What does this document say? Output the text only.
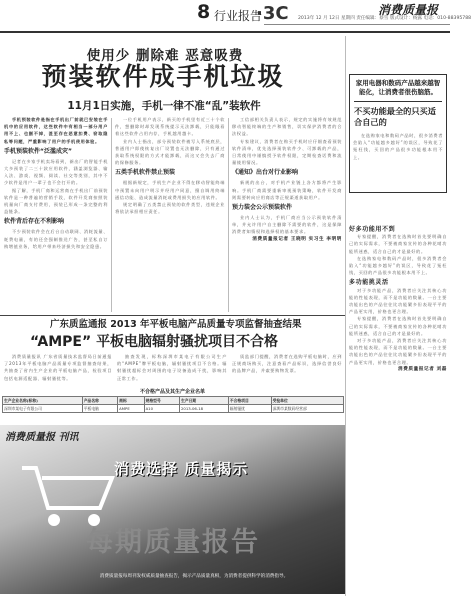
8 行业报告
·3C	消费质量报
2013年 12 月 12日 星期四 责任编辑：蔡雪 版式设计：杨露 电话：010-88395788
使用少 删除难 恶意吸费
预装软件成手机垃圾
11月1日实施，手机一律不准“乱”装软件

手机预装软件是指在手机出厂前就已安装在手机中的应用软件，这些软件中有相当一部分用户用不上、也删不掉，甚至存在恶意扣费、窃取隐私等问题，严重影响了用户的手机使用体验。

手机预装软件“泛滥成灾”

记者在多家手机卖场看到，新出厂的智能手机大多预装了二三十款应用软件，涵盖浏览器、输入法、游戏、视频、阅读、社交等类别，其中不少软件是用户一辈子也不会打开的。

据了解，手机厂商和运营商在手机出厂前预装软件是一种普遍的营销手段，软件开发商按照装机量向厂商支付费用，预装已形成一条完整的利益链条。

软件背后存在不利影响

不少预装软件会在后台自动联网、消耗流量、耗费电量，有的还会强制推送广告，甚至私自订购增值业务，给用户带来经济损失和安全隐患。

一位手机用户表示，新买的手机里有近三十个软件，想删除时却发现系统提示无法卸载，只能眼看着这些软件占用内存，手机越用越卡。

业内人士指出，部分预装软件被写入系统底层，普通用户即使恢复出厂设置也无法删除，只有通过获取系统权限的方式才能卸载，而这又会失去厂商的保修服务。

五类手机软件禁止预装

根据新规定，手机生产企业不得在移动智能终端中预置未向用户明示并经用户同意，擅自调用终端通信功能、造成流量消耗或费用损失的应用软件。

规定明确了五类禁止预装的软件类型，违规企业将依法承担相应责任。

工信部相关负责人表示，规定的实施将有效规范移动智能终端的生产和销售，切实保护消费者的合法权益。

专家建议，消费者在购买手机时应仔细查看预装软件清单，优先选择预装软件少、可卸载的产品，日常使用中谨慎授予软件权限，定期检查话费和流量使用情况。

《通知》出台对行业影响

新规的出台，对手机产业链上各方都将产生影响。手机厂商需要重新审视预装策略，软件开发商则需要转向应用商店等正规渠道获取用户。

预力装会公示预装软件

业内人士认为，手机厂商应当公示预装软件清单，并允许用户自主删除不需要的软件，这是保障消费者知情权和选择权的基本要求。

消费质量报记者 王晓明 实习生 李明明
家用电器和数码产品越来越智能化，让消费者很伤脑筋。
不买功能最全的只买适合自己的

在选购家电和数码产品时，很多消费者会陷入“功能越多越好”的误区，导致花了冤枉钱，买回的产品很多功能根本用不上。

好多功能用不到

专家提醒，消费者在选购时首先要明确自己的实际需求，不要被商家宣传的各种花哨功能所迷惑，适合自己的才是最好的。

在选购家电和数码产品时，很多消费者会陷入“功能越多越好”的误区，导致花了冤枉钱，买回的产品很多功能根本用不上。

多功能挑灵活

对于多功能产品，消费者应关注其核心功能的性能表现，而不是功能的数量。一台主要功能出色的产品往往比功能繁多但表现平平的产品更实用，价格也更合理。

专家提醒，消费者在选购时首先要明确自己的实际需求，不要被商家宣传的各种花哨功能所迷惑，适合自己的才是最好的。

对于多功能产品，消费者应关注其核心功能的性能表现，而不是功能的数量。一台主要功能出色的产品往往比功能繁多但表现平平的产品更实用，价格也更合理。

消费质量报记者 刘磊
广东质监通报 2013 年平板电脑产品质量专项监督抽查结果
“AMPE” 平板电脑辐射骚扰项目不合格

消费质量报讯 广东省质量技术监督局日前通报了2013年平板电脑产品质量专项监督抽查结果，共抽查了省内生产企业的平板电脑产品，检验项目包括电源适配器、辐射骚扰等。

抽查发现，标称深圳市某电子有限公司生产的“AMPE”牌平板电脑，辐射骚扰项目不合格。辐射骚扰超标会对周围的电子设备造成干扰，影响其正常工作。

质监部门提醒，消费者在选购平板电脑时，应到正规商场购买，注意查看产品标识，选择信誉良好的品牌产品，并索要购物发票。

不合格产品及其生产企业名单
生产企业名称(标称)	产品名称	商标	规格型号	生产日期	不合格项目	受检单位
深圳市某电子有限公司	平板电脑	AMPE	A10	2013-06-18	辐射骚扰	深圳市某数码经营部
消费质量报 刊讯
消费选择 质量揭示
每期质量报告
消费质量报每周刊发权威质量抽查报告，揭示产品质量真相，为消费者提供科学的消费指导。
